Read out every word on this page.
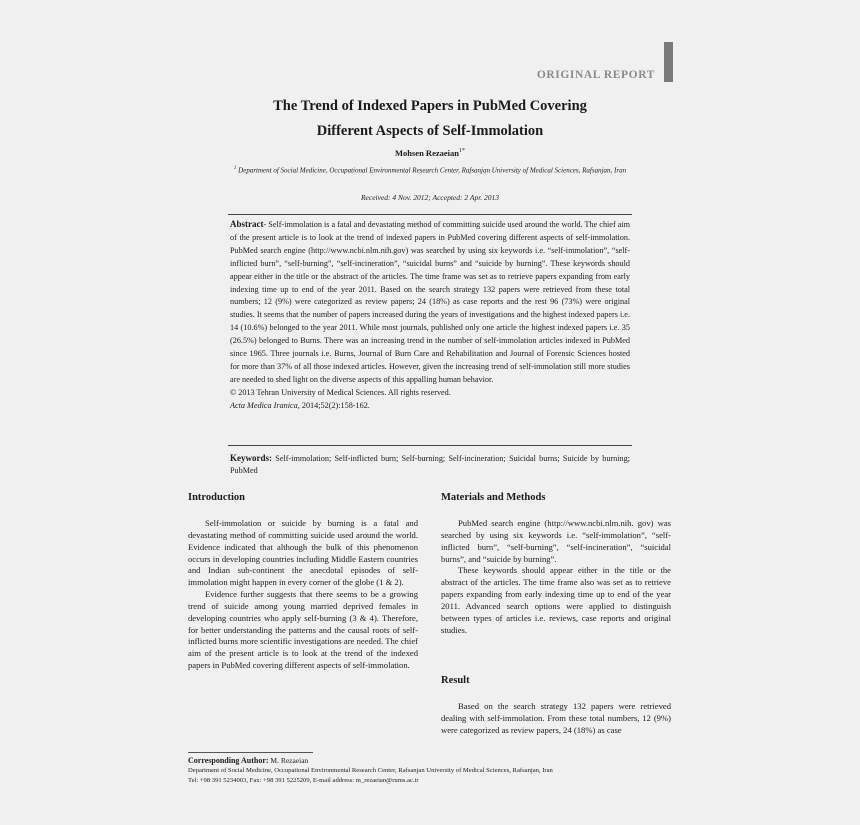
ORIGINAL REPORT
The Trend of Indexed Papers in PubMed Covering
Different Aspects of Self-Immolation
Mohsen Rezaeian$^{1*}$
$^1$ Department of Social Medicine, Occupational Environmental Research Center, Rafsanjan University of Medical Sciences, Rafsanjan, Iran
Received: 4 Nov. 2012; Accepted: 2 Apr. 2013

Abstract- Self-immolation is a fatal and devastating method of committing suicide used around the world. The chief aim of the present article is to look at the trend of indexed papers in PubMed covering different aspects of self-immolation. PubMed search engine (http://www.ncbi.nlm.nih.gov) was searched by using six keywords i.e. “self-immolation”, “self-inflicted burn”, “self-burning”, “self-incineration”, “suicidal burns” and “suicide by burning”. These keywords should appear either in the title or the abstract of the articles. The time frame was set as to retrieve papers expanding from early indexing time up to end of the year 2011. Based on the search strategy 132 papers were retrieved from these total numbers; 12 (9%) were categorized as review papers; 24 (18%) as case reports and the rest 96 (73%) were original studies. It seems that the number of papers increased during the years of investigations and the highest indexed papers i.e. 14 (10.6%) belonged to the year 2011. While most journals, published only one article the highest indexed papers i.e. 35 (26.5%) belonged to Burns. There was an increasing trend in the number of self-immolation articles indexed in PubMed since 1965. Three journals i.e. Burns, Journal of Burn Care and Rehabilitation and Journal of Forensic Sciences hosted for more than 37% of all those indexed articles. However, given the increasing trend of self-immolation still more studies are needed to shed light on the diverse aspects of this appalling human behavior.

© 2013 Tehran University of Medical Sciences. All rights reserved.

Acta Medica Iranica, 2014;52(2):158-162.

Keywords: Self-immolation; Self-inflicted burn; Self-burning; Self-incineration; Suicidal burns; Suicide by burning; PubMed
Introduction

Self-immolation or suicide by burning is a fatal and devastating method of committing suicide used around the world. Evidence indicated that although the bulk of this phenomenon occurs in developing countries including Middle Eastern countries and Indian sub-continent the anecdotal episodes of self-immolation might happen in every corner of the globe (1 & 2).

Evidence further suggests that there seems to be a growing trend of suicide among young married deprived females in developing countries who apply self-burning (3 & 4). Therefore, for better understanding the patterns and the causal roots of self-inflicted burns more scientific investigations are needed. The chief aim of the present article is to look at the trend of the indexed papers in PubMed covering different aspects of self-immolation.

Materials and Methods

PubMed search engine (http://www.ncbi.nlm.nih. gov) was searched by using six keywords i.e. “self-immolation”, “self-inflicted burn”, “self-burning”, “self-incineration”, “suicidal burns”, and “suicide by burning”.

These keywords should appear either in the title or the abstract of the articles. The time frame also was set as to retrieve papers expanding from early indexing time up to end of the year 2011. Advanced search options were applied to distinguish between types of articles i.e. reviews, case reports and original studies.

Result

Based on the search strategy 132 papers were retrieved dealing with self-immolation. From these total numbers, 12 (9%) were categorized as review papers, 24 (18%) as case

Corresponding Author: M. Rezaeian
Department of Social Medicine, Occupational Environmental Research Center, Rafsanjan University of Medical Sciences, Rafsanjan, Iran
Tel: +98 391 5234003, Fax: +98 391 5225209, E-mail address: m_rezaeian@rums.ac.ir
